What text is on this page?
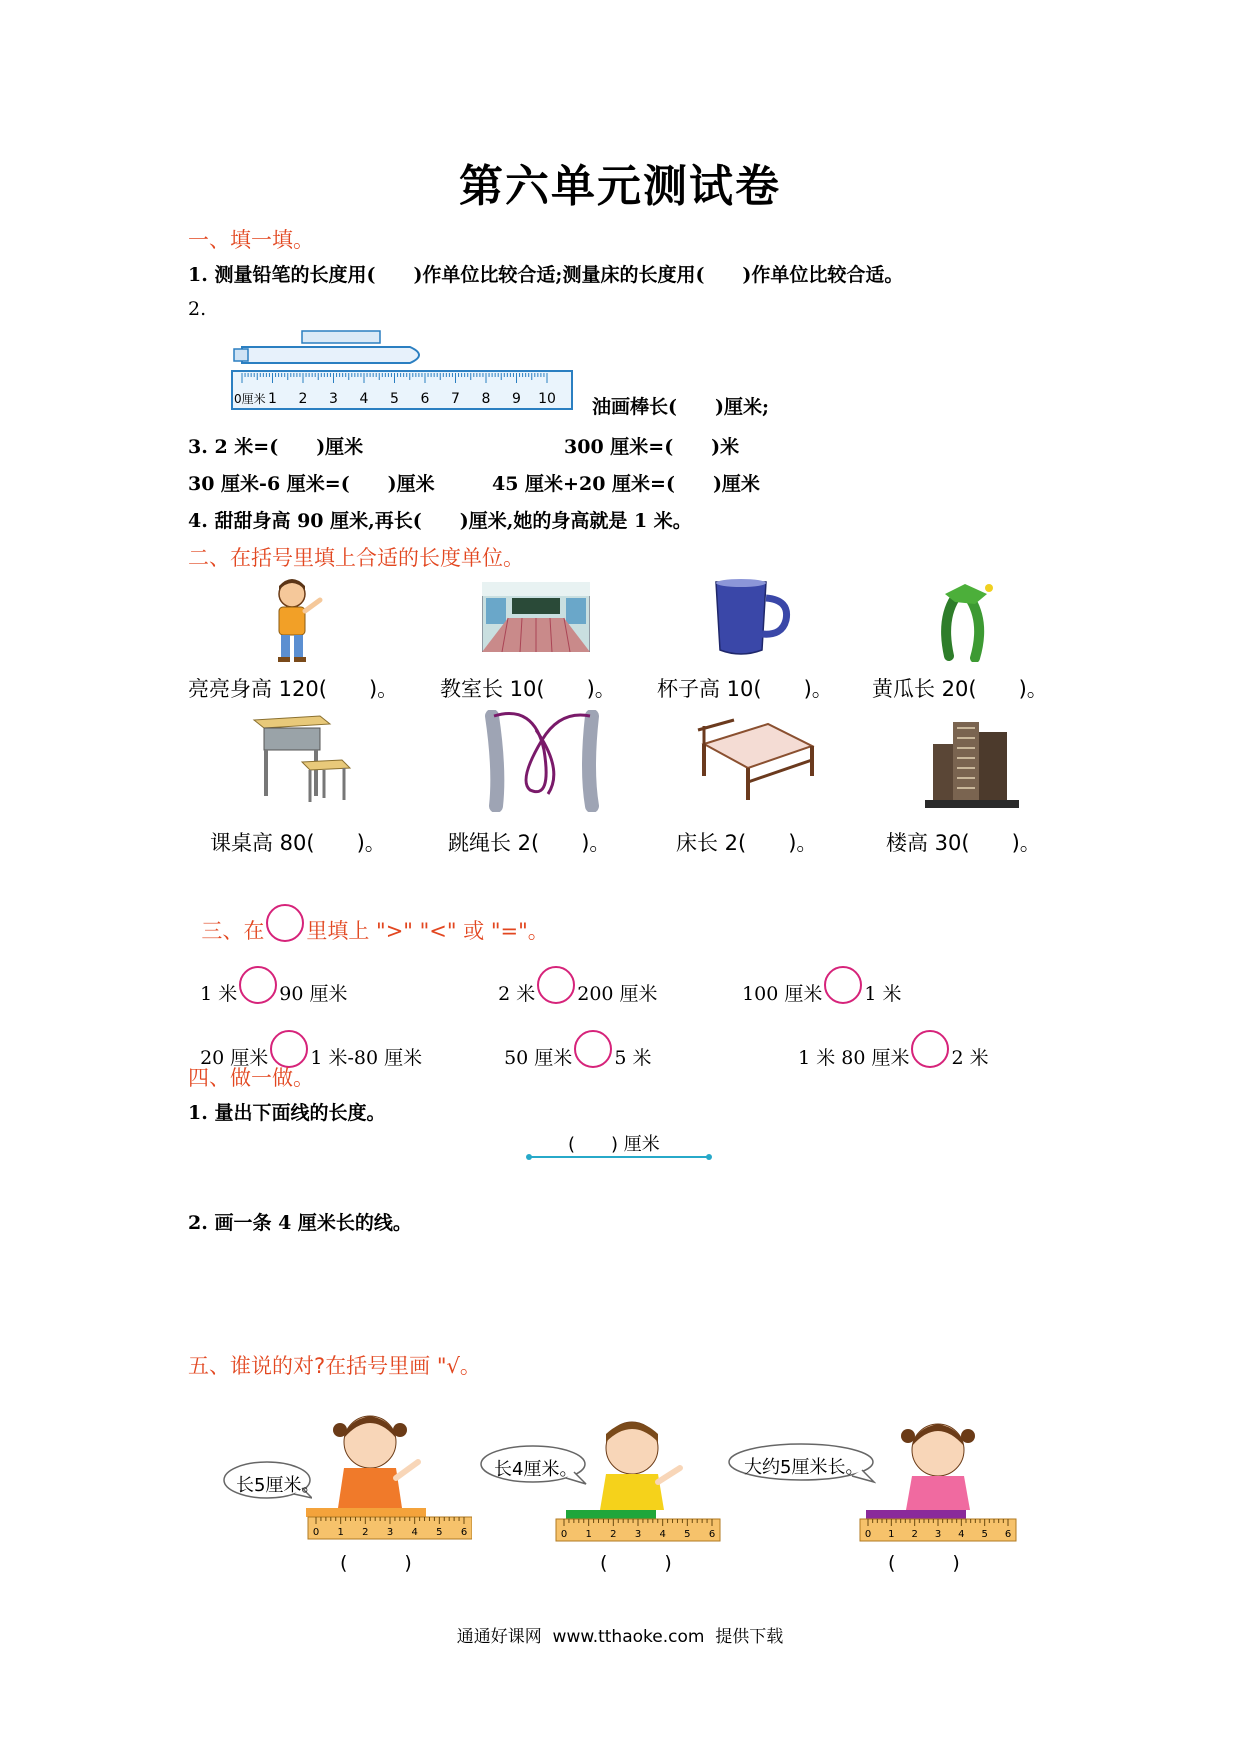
第六单元测试卷
一、填一填。
1. 测量铅笔的长度用(　　)作单位比较合适;测量床的长度用(　　)作单位比较合适。
2.
0厘米 1 2 3 4 5 6 7 8 9 10 油画棒长(　　)厘米;
3. 2 米=(　　)厘米	300 厘米=(　　)米
30 厘米-6 厘米=(　　)厘米	45 厘米+20 厘米=(　　)厘米
4. 甜甜身高 90 厘米,再长(　　)厘米,她的身高就是 1 米。
二、在括号里填上合适的长度单位。
亮亮身高 120(　　)。 教室长 10(　　)。 杯子高 10(　　)。 黄瓜长 20(　　)。
课桌高 80(　　)。	跳绳长 2(　　)。	床长 2(　　)。	楼高 30(　　)。

三、在 里填上 ">" "<" 或 "="。

1 米 90 厘米	2 米 200 厘米	100 厘米 1 米

20 厘米 1 米-80 厘米	50 厘米 5 米	1 米 80 厘米 2 米

四、做一做。
1. 量出下面线的长度。
(　　) 厘米
2. 画一条 4 厘米长的线。
五、谁说的对?在括号里画 "√。
长5厘米。
长4厘米。	大约5厘米长。
0 1 2 3 4 5 6	0 1 2 3 4 5 6	0 1 2 3 4 5 6
(　　　)	(　　　)	(　　　)
通通好课网  www.tthaoke.com  提供下载
